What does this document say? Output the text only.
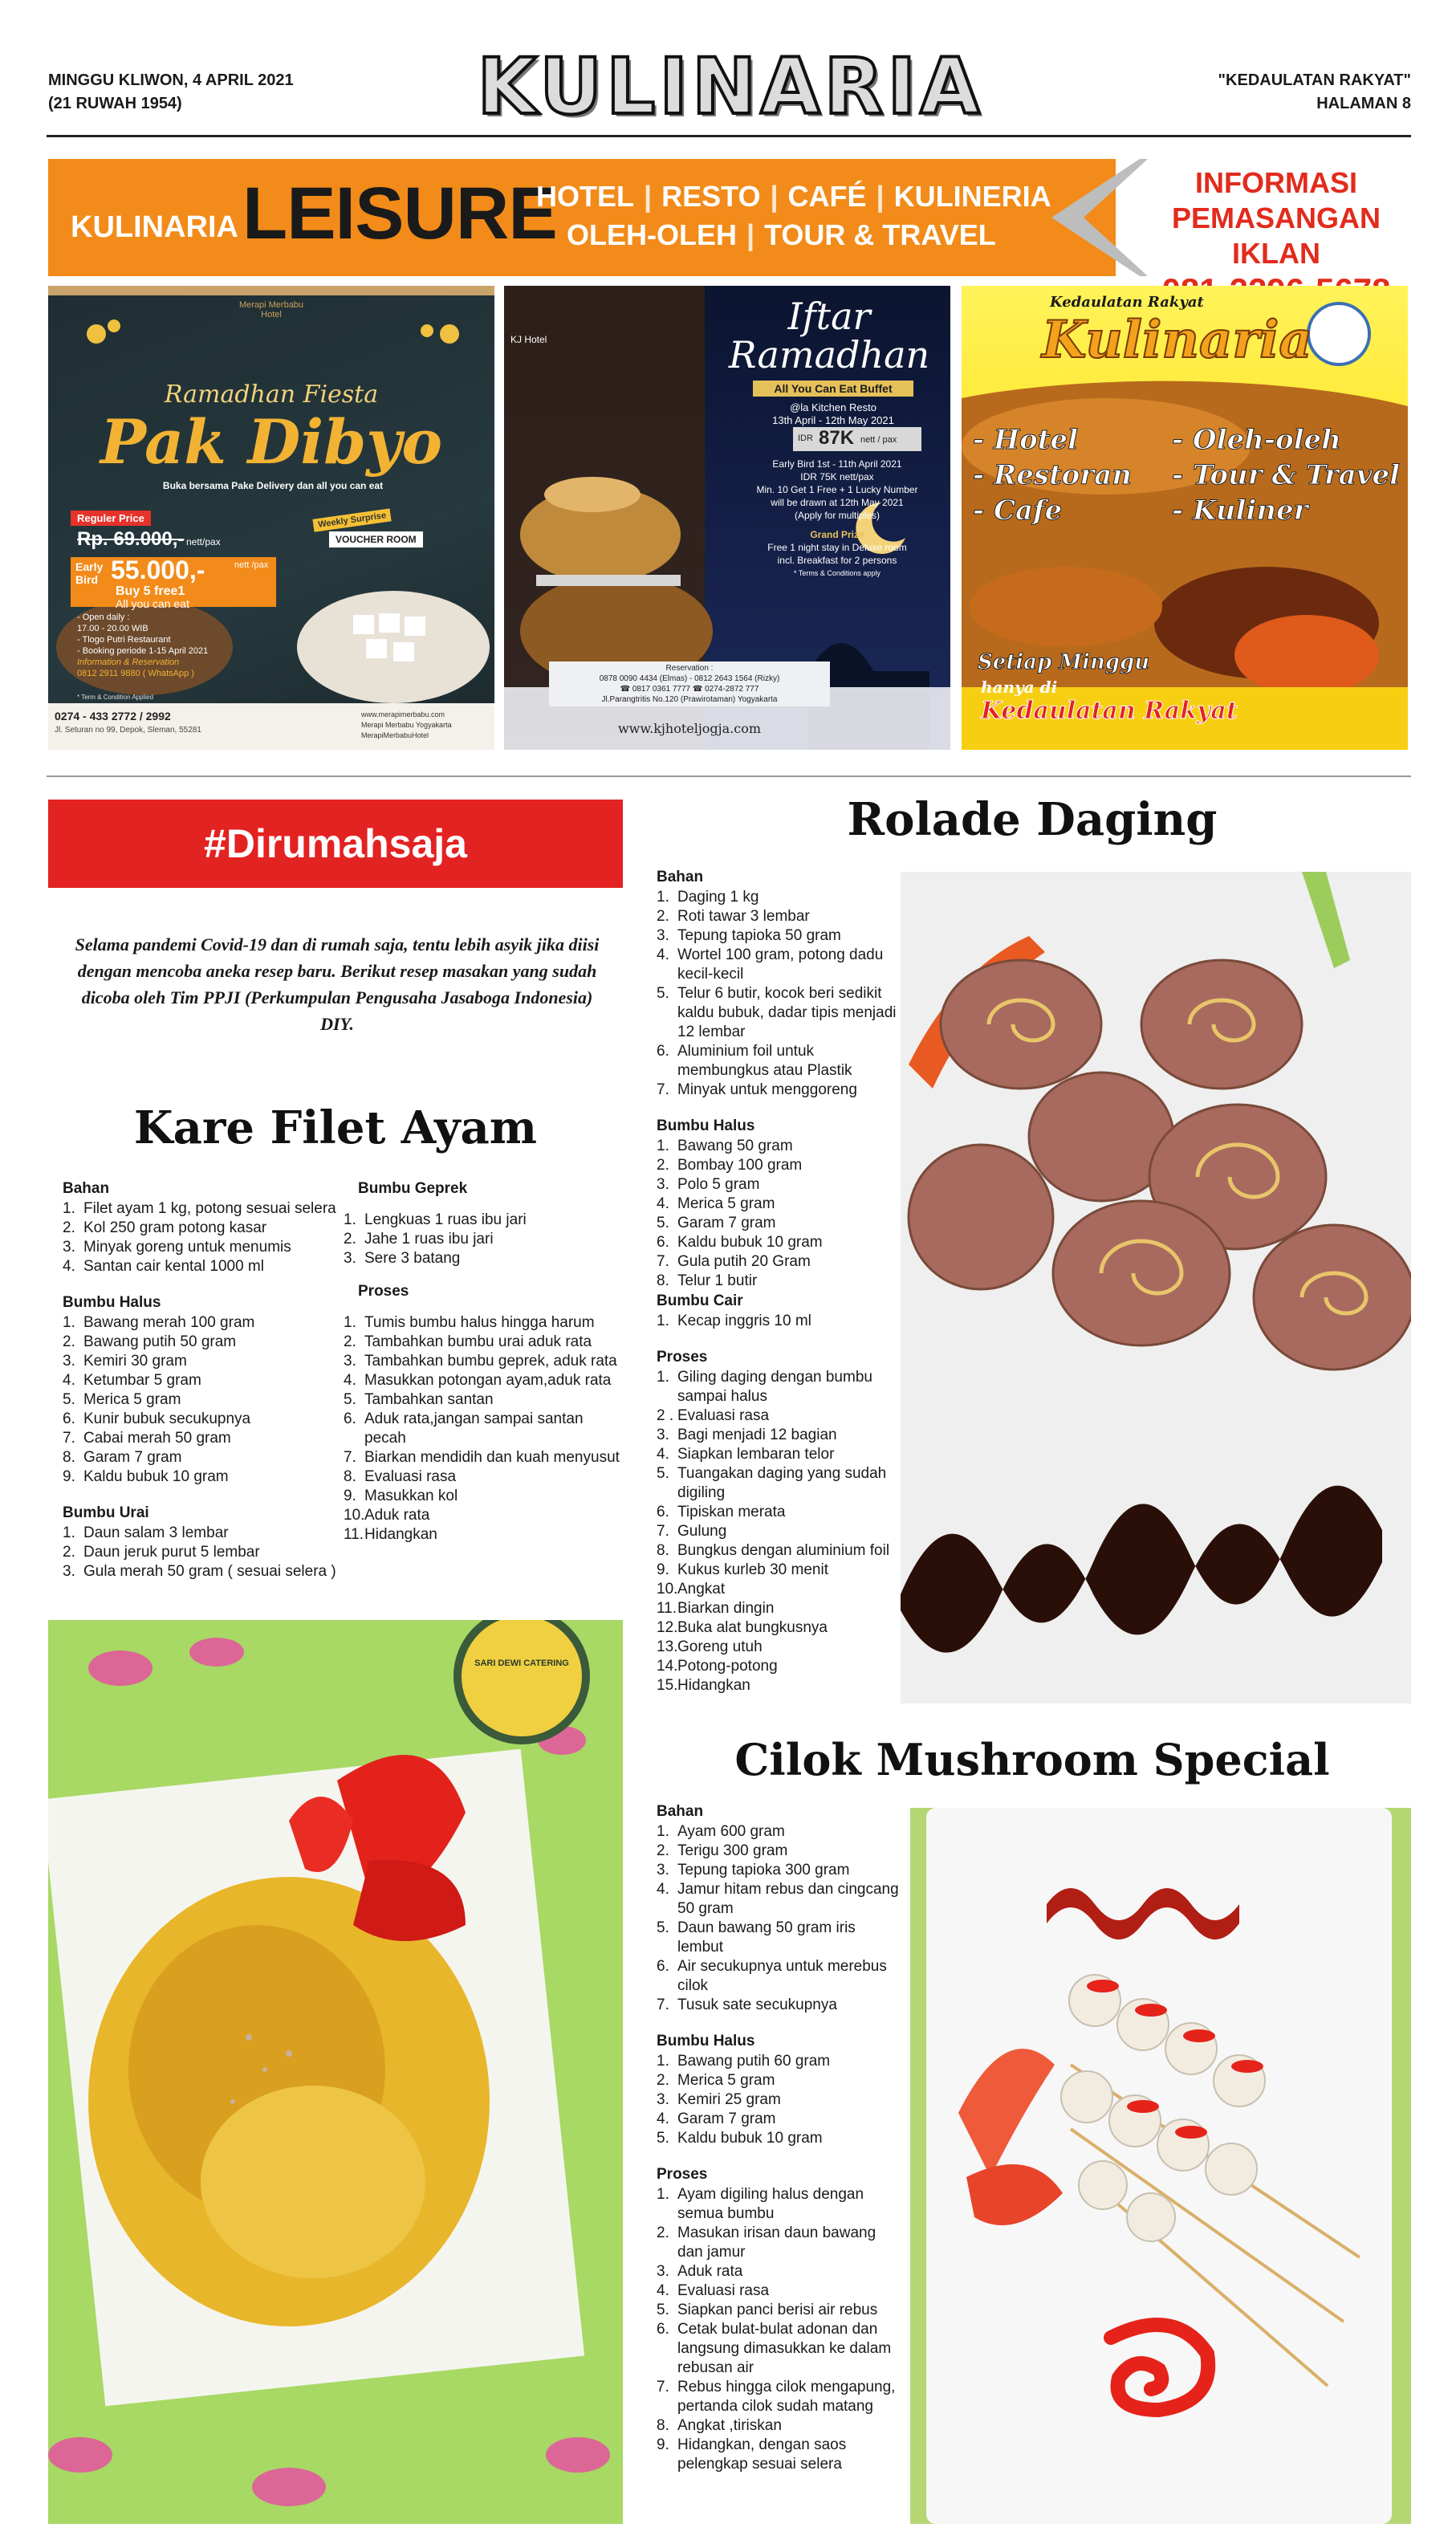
MINGGU KLIWON, 4 APRIL 2021
(21 RUWAH 1954)	KULINARIA	"KEDAULATAN RAKYAT"
HALAMAN 8
KULINARIA LEISURE
HOTEL | RESTO | CAFÉ | KULINERIA
OLEH-OLEH | TOUR & TRAVEL
INFORMASI
PEMASANGAN IKLAN
Merapi Merbabu Hotel
Ramadhan Fiesta
Pak Dibyo
Buka bersama Pake Delivery dan all you can eat
Reguler Price
Rp. 69.000,- nett/pax
Weekly Surprise
VOUCHER ROOM
Early Bird 55.000,-	nett /pax
Buy 5 free1
All you can eat
- Open daily :
17.00 - 20.00 WIB
- Tlogo Putri Restaurant
- Booking periode 1-15 April 2021
Information & Reservation
0812 2911 9880 ( WhatsApp )
* Term & Condition Applied
0274 - 433 2772 / 2992
Jl. Seturan no 99, Depok, Sleman, 55281
www.merapimerbabu.com
Merapi Merbabu Yogyakarta
MerapiMerbabuHotel
KJ Hotel
Iftar
Ramadhan
All You Can Eat Buffet
@la Kitchen Resto
13th April - 12th May 2021
IDR 87K nett / pax
Early Bird 1st - 11th April 2021
IDR 75K nett/pax
Min. 10 Get 1 Free + 1 Lucky Number
will be drawn at 12th May 2021
(Apply for multiples)
Grand Prize
Free 1 night stay in Deluxe room
incl. Breakfast for 2 persons
* Terms & Conditions apply
Reservation :
0878 0090 4434 (Elmas) - 0812 2643 1564 (Rizky)
☎ 0817 0361 7777 ☎ 0274-2872 777
Jl.Parangtritis No.120 (Prawirotaman) Yogyakarta
www.kjhoteljogja.com
Kedaulatan Rakyat
Kulinaria
- Hotel
- Restoran
- Cafe
- Oleh-oleh
- Tour & Travel
- Kuliner
Setiap Minggu
hanya di
Kedaulatan Rakyat
#Dirumahsaja
Selama pandemi Covid-19 dan di rumah saja, tentu lebih asyik jika diisi dengan mencoba aneka resep baru. Berikut resep masakan yang sudah dicoba oleh Tim PPJI (Perkumpulan Pengusaha Jasaboga Indonesia) DIY.
Kare Filet Ayam
Bahan
1. Filet ayam 1 kg, potong sesuai selera
2. Kol 250 gram potong kasar
3. Minyak goreng untuk menumis
4. Santan cair kental 1000 ml
Bumbu Halus
1. Bawang merah 100 gram
2. Bawang putih 50 gram
3. Kemiri 30 gram
4. Ketumbar 5 gram
5. Merica 5 gram
6. Kunir bubuk secukupnya
7. Cabai merah 50 gram
8. Garam 7 gram
9. Kaldu bubuk 10 gram
Bumbu Urai
1. Daun salam 3 lembar
2. Daun jeruk purut 5 lembar
3. Gula merah 50 gram ( sesuai selera )
Bumbu Geprek
1. Lengkuas 1 ruas ibu jari
2. Jahe 1 ruas ibu jari
3. Sere 3 batang
Proses
1. Tumis bumbu halus hingga harum
2. Tambahkan bumbu urai aduk rata
3. Tambahkan bumbu geprek, aduk rata
4. Masukkan potongan ayam,aduk rata
5. Tambahkan santan
6. Aduk rata,jangan sampai santan pecah
7. Biarkan mendidih dan kuah menyusut
8. Evaluasi rasa
9. Masukkan kol
10. Aduk rata
11. Hidangkan
SARI DEWI CATERING
Rolade Daging
Bahan
1. Daging 1 kg
2. Roti tawar 3 lembar
3. Tepung tapioka 50 gram
4. Wortel 100 gram, potong dadu kecil-kecil
5. Telur 6 butir, kocok beri sedikit kaldu bubuk, dadar tipis menjadi 12 lembar
6. Aluminium foil untuk membungkus atau Plastik
7. Minyak untuk menggoreng
Bumbu Halus
1. Bawang 50 gram
2. Bombay 100 gram
3. Polo 5 gram
4. Merica 5 gram
5. Garam 7 gram
6. Kaldu bubuk 10 gram
7. Gula putih 20 Gram
8. Telur 1 butir
Bumbu Cair
1. Kecap inggris 10 ml
Proses
1. Giling daging dengan bumbu sampai halus
2 . Evaluasi rasa
3. Bagi menjadi 12 bagian
4. Siapkan lembaran telor
5. Tuangakan daging yang sudah digiling
6. Tipiskan merata
7. Gulung
8. Bungkus dengan aluminium foil
9. Kukus kurleb 30 menit
10. Angkat
11. Biarkan dingin
12. Buka alat bungkusnya
13. Goreng utuh
14. Potong-potong
15. Hidangkan
Cilok Mushroom Special
Bahan
1. Ayam 600 gram
2. Terigu 300 gram
3. Tepung tapioka 300 gram
4. Jamur hitam rebus dan cingcang 50 gram
5. Daun bawang 50 gram iris lembut
6. Air secukupnya untuk merebus cilok
7. Tusuk sate secukupnya
Bumbu Halus
1. Bawang putih 60 gram
2. Merica 5 gram
3. Kemiri 25 gram
4. Garam 7 gram
5. Kaldu bubuk 10 gram
Proses
1. Ayam digiling halus dengan semua bumbu
2. Masukan irisan daun bawang dan jamur
3. Aduk rata
4. Evaluasi rasa
5. Siapkan panci berisi air rebus
6. Cetak bulat-bulat adonan dan langsung dimasukkan ke dalam rebusan air
7. Rebus hingga cilok mengapung, pertanda cilok sudah matang
8. Angkat ,tiriskan
9. Hidangkan, dengan saos pelengkap sesuai selera
